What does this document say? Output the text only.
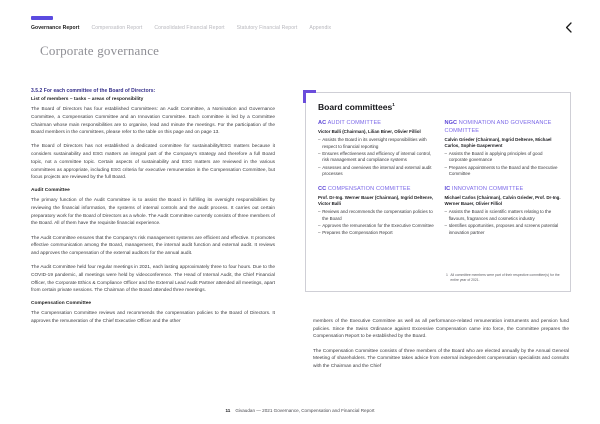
Governance Report Compensation Report Consolidated Financial Report Statutory Financial Report Appendix
Corporate governance
3.5.2 For each committee of the Board of Directors:
List of members – tasks – areas of responsibility

The Board of Directors has four established Committees: an Audit Committee, a Nomination and Governance Committee, a Compensation Committee and an Innovation Committee. Each committee is led by a Committee Chairman whose main responsibilities are to organise, lead and minute the meetings. For the participation of the Board members in the committees, please refer to the table on this page and on page 13.

The Board of Directors has not established a dedicated committee for sustainability/ESG matters because it considers sustainability and ESG matters an integral part of the Company's strategy and therefore a full Board topic, not a committee topic. Certain aspects of sustainability and ESG matters are reviewed in the various committees as appropriate, including ESG criteria for executive remuneration in the Compensation Committee, but focus projects are reviewed by the full Board.

Audit Committee

The primary function of the Audit Committee is to assist the Board in fulfilling its oversight responsibilities by reviewing the financial information, the systems of internal controls and the audit process. It carries out certain preparatory work for the Board of Directors as a whole. The Audit Committee currently consists of three members of the Board. All of them have the requisite financial experience.

The Audit Committee ensures that the Company's risk management systems are efficient and effective. It promotes effective communication among the Board, management, the internal audit function and external audit. It reviews and approves the compensation of the external auditors for the annual audit.

The Audit Committee held four regular meetings in 2021, each lasting approximately three to four hours. Due to the COVID-19 pandemic, all meetings were held by videoconference. The Head of Internal Audit, the Chief Financial Officer, the Corporate Ethics & Compliance Officer and the External Lead Audit Partner attended all meetings, apart from certain private sessions. The Chairman of the Board attended three meetings.

Compensation Committee

The Compensation Committee reviews and recommends the compensation policies to the Board of Directors. It approves the remuneration of the Chief Executive Officer and the other

Board committees$^1$
AC AUDIT COMMITTEE
Victor Balli (Chairman), Lilian Biner, Olivier Filliol
– Assists the Board in its oversight responsibilities with respect to financial reporting
– Ensures effectiveness and efficiency of internal control, risk management and compliance systems
– Assesses and overviews the internal and external audit processes
CC COMPENSATION COMMITTEE
Prof. Dr-Ing. Werner Bauer (Chairman), Ingrid Deltenre, Victor Balli
– Reviews and recommends the compensation policies to the Board
– Approves the remuneration for the Executive Committee
– Prepares the Compensation Report
NGC NOMINATION AND GOVERNANCE COMMITTEE
Calvin Grieder (Chairman), Ingrid Deltenre, Michael Carlos, Sophie Gasperment
– Assists the Board in applying principles of good corporate governance
– Prepares appointments to the Board and the Executive Committee
IC INNOVATION COMMITTEE
Michael Carlos (Chairman), Calvin Grieder, Prof. Dr-Ing. Werner Bauer, Olivier Filliol
– Assists the Board in scientific matters relating to the flavours, fragrances and cosmetics industry
– Identifies opportunities, proposes and screens potential innovation partner
1 All committee members were part of their respective committee(s) for the entire year of 2021.

members of the Executive Committee as well as all performance-related remuneration instruments and pension fund policies. Since the Swiss Ordinance against Excessive Compensation came into force, the Committee prepares the Compensation Report to be established by the Board.

The Compensation Committee consists of three members of the Board who are elected annually by the Annual General Meeting of shareholders. The Committee takes advice from external independent compensation specialists and consults with the Chairman and the Chief

11 Givaudan — 2021 Governance, Compensation and Financial Report
